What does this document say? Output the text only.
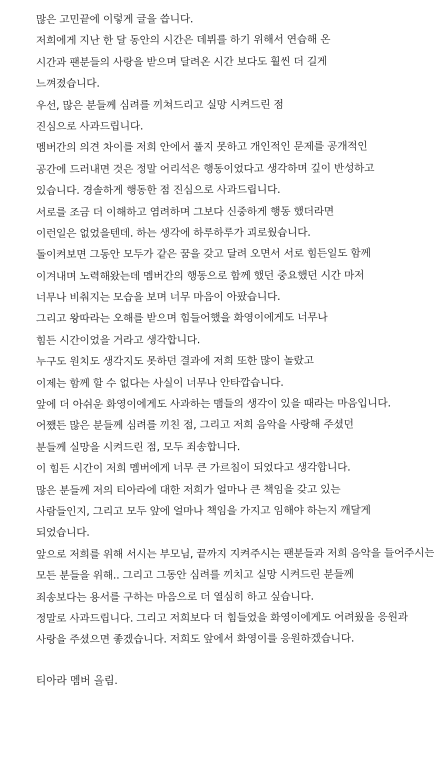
많은 고민끝에 이렇게 글을 씁니다.
저희에게 지난 한 달 동안의 시간은 데뷔를 하기 위해서 연습해 온
시간과 팬분들의 사랑을 받으며 달려온 시간 보다도 훨씬 더 길게
느껴졌습니다.
우선, 많은 분들께 심려를 끼쳐드리고 실망 시켜드린 점
진심으로 사과드립니다.
멤버간의 의견 차이를 저희 안에서 풀지 못하고 개인적인 문제를 공개적인
공간에 드러내면 것은 정말 어리석은 행동이었다고 생각하며 깊이 반성하고
있습니다. 경솔하게 행동한 점 진심으로 사과드립니다.
서로를 조금 더 이해하고 염려하며 그보다 신중하게 행동 했더라면
이런일은 없었을텐데. 하는 생각에 하루하루가 괴로웠습니다.
돌이켜보면 그동안 모두가 같은 꿈을 갖고 달려 오면서 서로 힘든일도 함께
이겨내며 노력해왔는데 멤버간의 행동으로 함께 했던 중요했던 시간 마저
너무나 비춰지는 모습을 보며 너무 마음이 아팠습니다.
그리고 왕따라는 오해를 받으며 힘들어했을 화영이에게도 너무나
힘든 시간이었을 거라고 생각합니다.
누구도 원치도 생각지도 못하던 결과에 저희 또한 많이 놀랐고
이제는 함께 할 수 없다는 사실이 너무나 안타깝습니다.
앞에 더 아쉬운 화영이에게도 사과하는 맴들의 생각이 있을 때라는 마음입니다.
어쨌든 많은 분들께 심려를 끼친 점, 그리고 저희 음악을 사랑해 주셨던
분들께 실망을 시켜드린 점, 모두 죄송합니다.
이 힘든 시간이 저희 멤버에게 너무 큰 가르침이 되었다고 생각합니다.
많은 분들께 저의 티아라에 대한 저희가 얼마나 큰 책임을 갖고 있는
사람들인지, 그리고 모두 앞에 얼마나 책임을 가지고 임해야 하는지 깨달게
되었습니다.
앞으로 저희를 위해 서시는 부모님, 끝까지 지켜주시는 팬분들과 저희 음악을 들어주시는
모든 분들을 위해.. 그리고 그동안 심려를 끼치고 실망 시켜드린 분들께
죄송보다는 용서를 구하는 마음으로 더 열심히 하고 싶습니다.
정말로 사과드립니다. 그리고 저희보다 더 힘들었을 화영이에게도 어려웠을 응원과
사랑을 주셨으면 좋겠습니다. 저희도 앞에서 화영이를 응원하겠습니다.
티아라 멤버 올림.
